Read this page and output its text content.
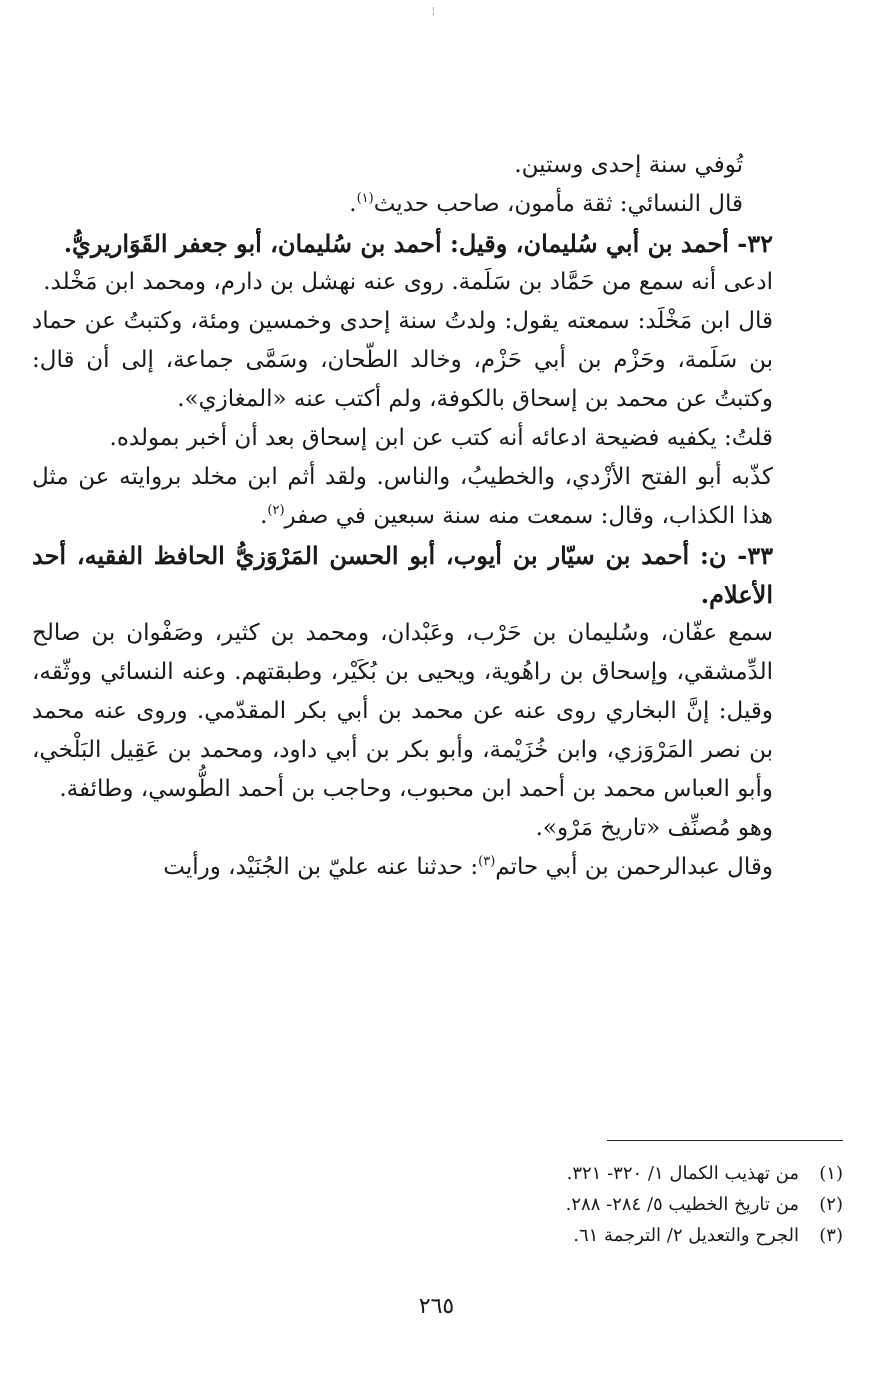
¦

تُوفي سنة إحدى وستين.

قال النسائي: ثقة مأمون، صاحب حديث$^{(١)}$.

٣٢- أحمد بن أبي سُليمان، وقيل: أحمد بن سُليمان، أبو جعفر القَوَاريريُّ.

ادعى أنه سمع من حَمَّاد بن سَلَمة. روى عنه نهشل بن دارم، ومحمد ابن مَخْلد.

قال ابن مَخْلَد: سمعته يقول: ولدتُ سنة إحدى وخمسين ومئة، وكتبتُ عن حماد بن سَلَمة، وحَزْم بن أبي حَزْم، وخالد الطّحان، وسَمَّى جماعة، إلى أن قال: وكتبتُ عن محمد بن إسحاق بالكوفة، ولم أكتب عنه «المغازي».

قلتُ: يكفيه فضيحة ادعائه أنه كتب عن ابن إسحاق بعد أن أخبر بمولده.

كذّبه أبو الفتح الأزْدي، والخطيبُ، والناس. ولقد أثم ابن مخلد بروايته عن مثل هذا الكذاب، وقال: سمعت منه سنة سبعين في صفر$^{(٢)}$.

٣٣- ن: أحمد بن سيّار بن أيوب، أبو الحسن المَرْوَزيُّ الحافظ الفقيه، أحد الأعلام.

سمع عفّان، وسُليمان بن حَرْب، وعَبْدان، ومحمد بن كثير، وصَفْوان بن صالح الدِّمشقي، وإسحاق بن راهُوية، ويحيى بن بُكَيْر، وطبقتهم. وعنه النسائي ووثّقه، وقيل: إنَّ البخاري روى عنه عن محمد بن أبي بكر المقدّمي. وروى عنه محمد بن نصر المَرْوَزي، وابن خُزَيْمة، وأبو بكر بن أبي داود، ومحمد بن عَقِيل البَلْخي، وأبو العباس محمد بن أحمد ابن محبوب، وحاجب بن أحمد الطُّوسي، وطائفة.

وهو مُصنِّف «تاريخ مَرْو».

وقال عبدالرحمن بن أبي حاتم$^{(٣)}$: حدثنا عنه عليّ بن الجُنَيْد، ورأيت

(١)
من تهذيب الكمال ١/ ٣٢٠- ٣٢١.
(٢)
من تاريخ الخطيب ٥/ ٢٨٤- ٢٨٨.
(٣)
الجرح والتعديل ٢/ الترجمة ٦١.
٢٦٥
